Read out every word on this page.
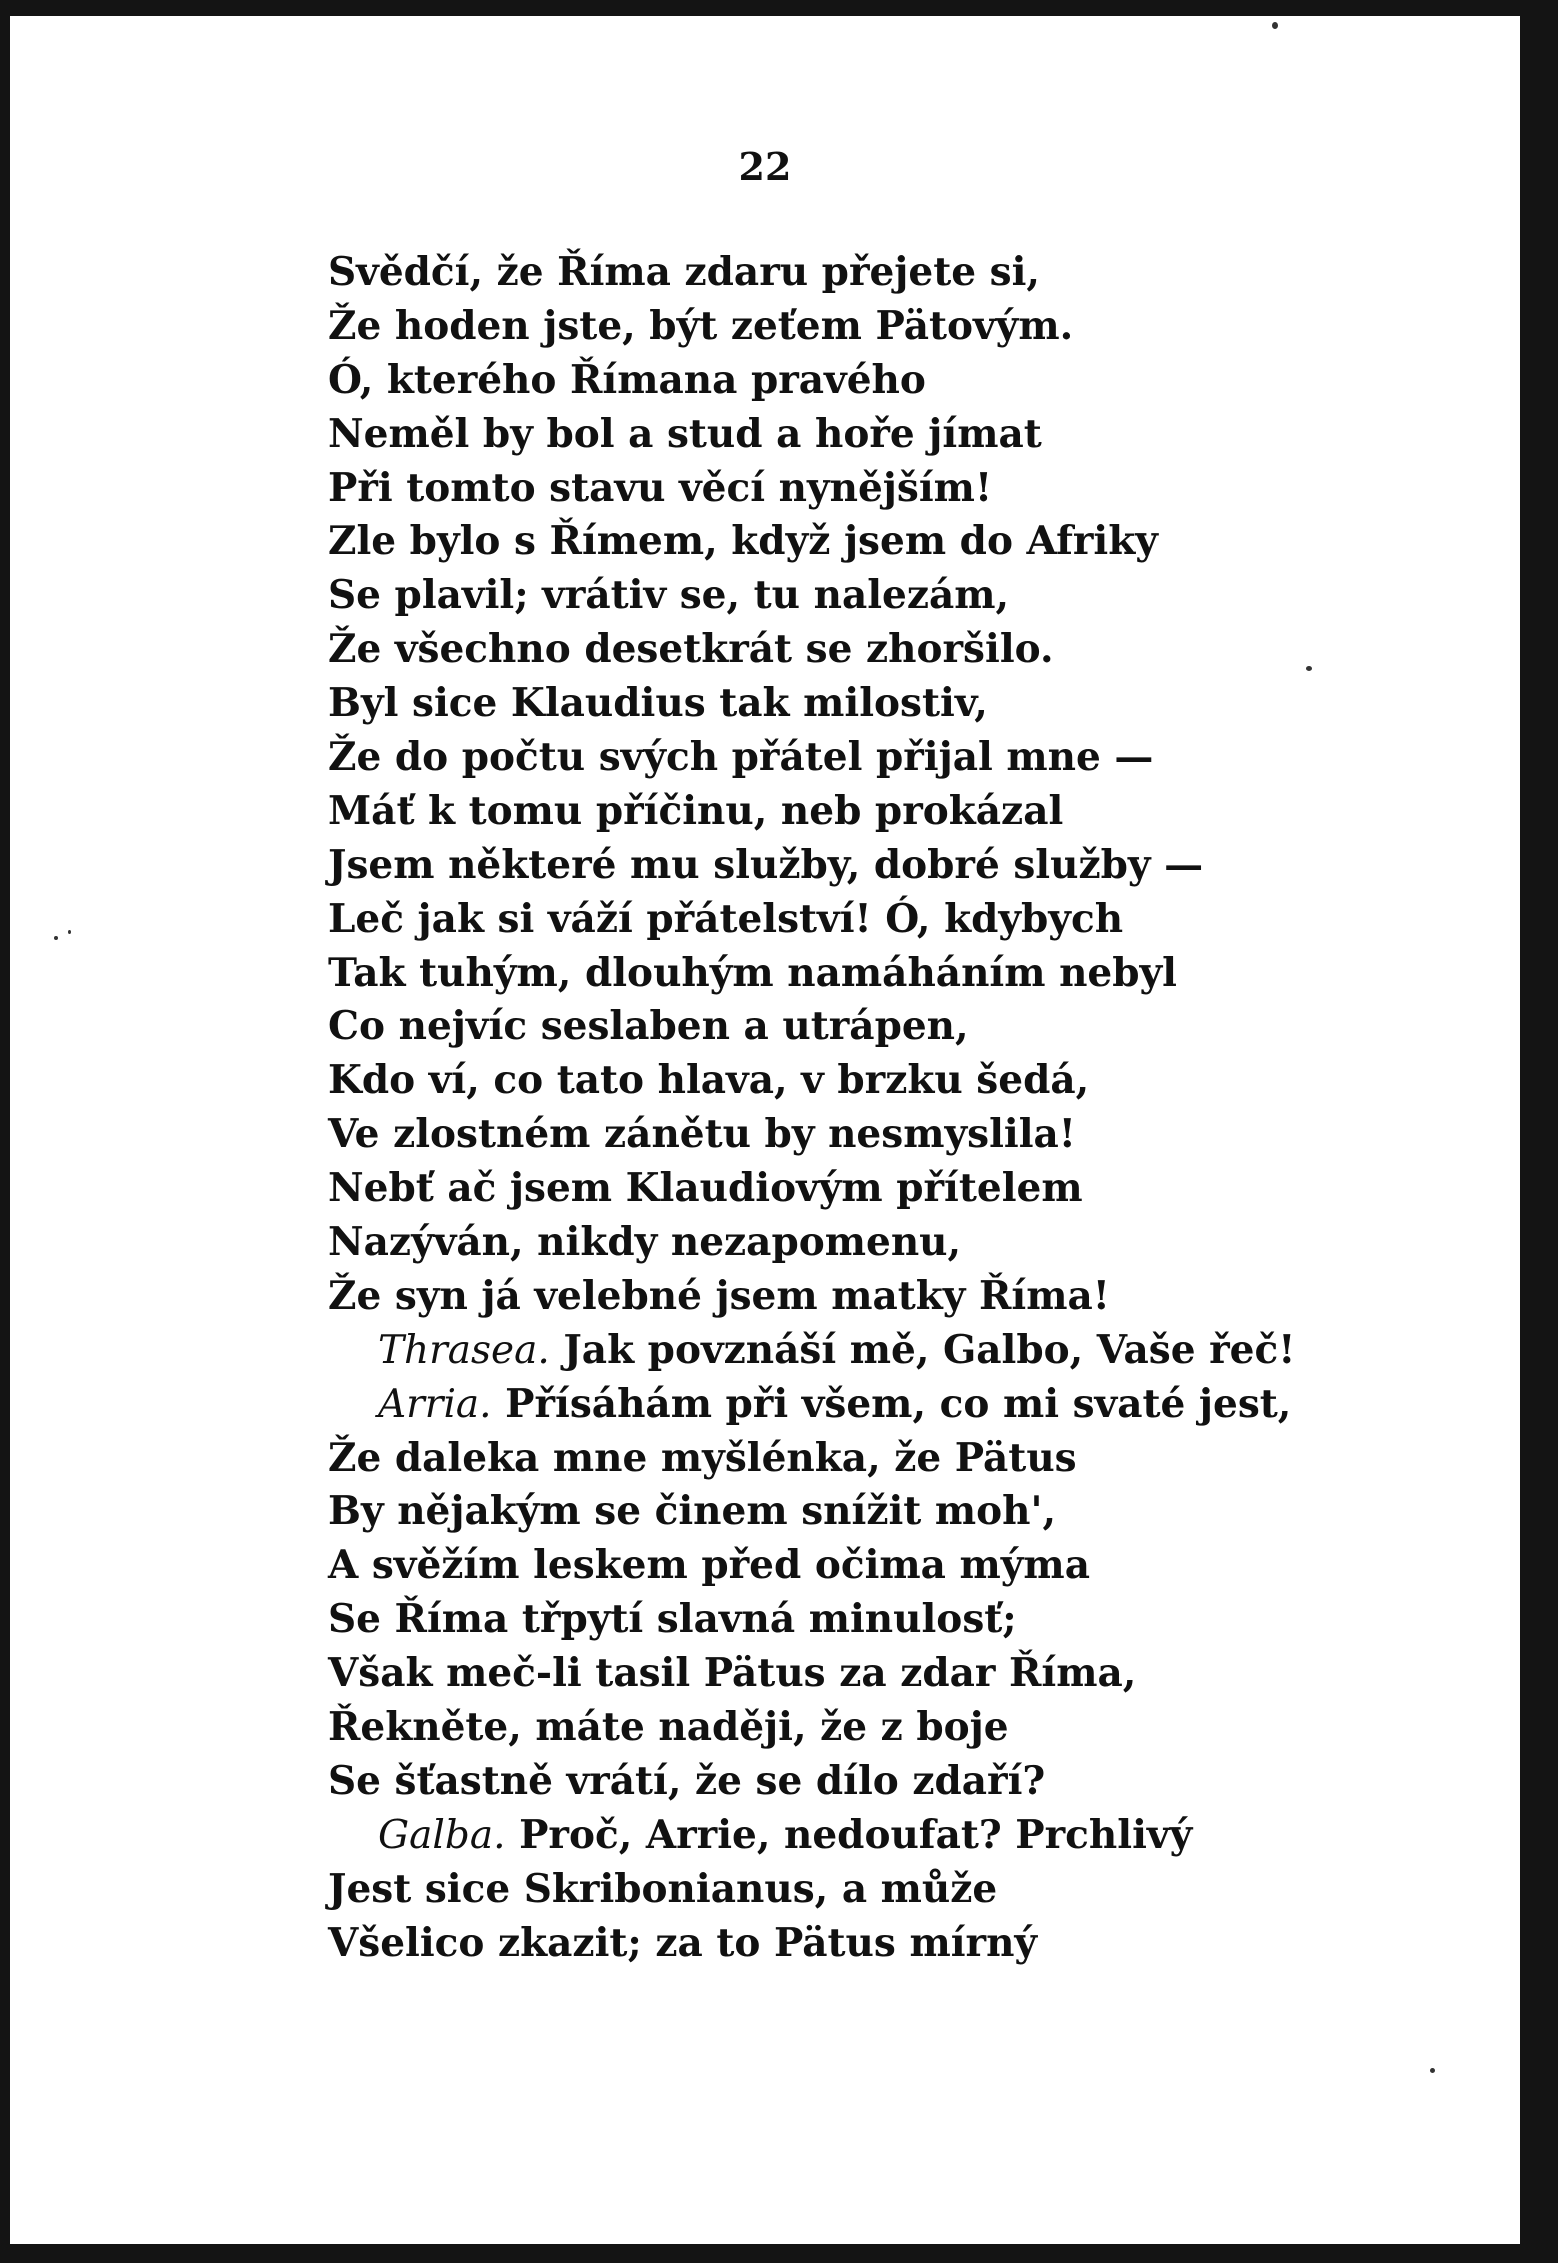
22
Svědčí, že Říma zdaru přejete si,
Že hoden jste, být zeťem Pätovým.
Ó, kterého Římana pravého
Neměl by bol a stud a hoře jímat
Při tomto stavu věcí nynějším!
Zle bylo s Římem, když jsem do Afriky
Se plavil; vrátiv se, tu nalezám,
Že všechno desetkrát se zhoršilo.
Byl sice Klaudius tak milostiv,
Že do počtu svých přátel přijal mne —
Máť k tomu příčinu, neb prokázal
Jsem některé mu služby, dobré služby —
Leč jak si váží přátelství! Ó, kdybych
Tak tuhým, dlouhým namáháním nebyl
Co nejvíc seslaben a utrápen,
Kdo ví, co tato hlava, v brzku šedá,
Ve zlostném zánětu by nesmyslila!
Nebť ač jsem Klaudiovým přítelem
Nazýván, nikdy nezapomenu,
Že syn já velebné jsem matky Říma!
Thrasea. Jak povznáší mě, Galbo, Vaše řeč!
Arria. Přísáhám při všem, co mi svaté jest,
Že daleka mne myšlénka, že Pätus
By nějakým se činem snížit moh',
A svěžím leskem před očima mýma
Se Říma třpytí slavná minulosť;
Však meč-li tasil Pätus za zdar Říma,
Řekněte, máte naději, že z boje
Se šťastně vrátí, že se dílo zdaří?
Galba. Proč, Arrie, nedoufat? Prchlivý
Jest sice Skribonianus, a může
Všelico zkazit; za to Pätus mírný
